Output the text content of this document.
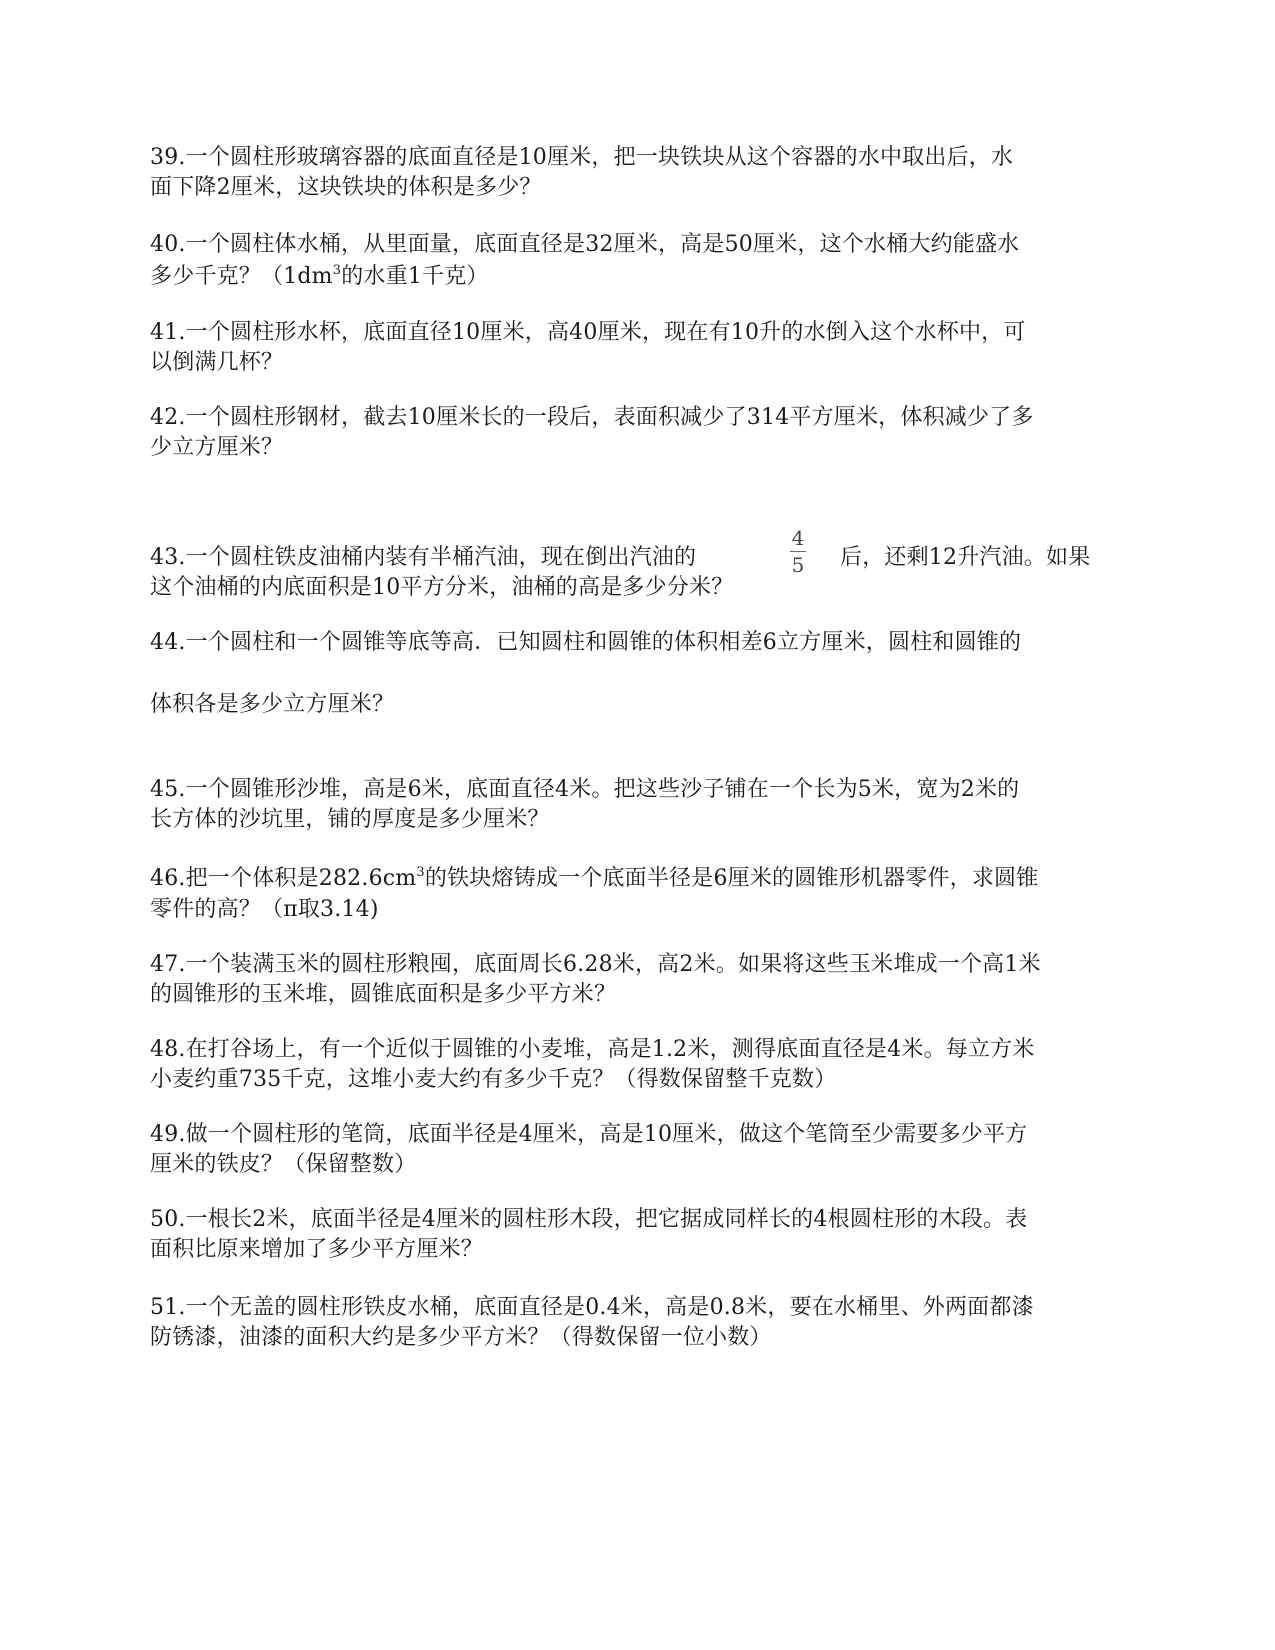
39.一个圆柱形玻璃容器的底面直径是10厘米，把一块铁块从这个容器的水中取出后，水
面下降2厘米，这块铁块的体积是多少？
40.一个圆柱体水桶，从里面量，底面直径是32厘米，高是50厘米，这个水桶大约能盛水
多少千克？（$1dm^3$的水重1千克）
41.一个圆柱形水杯，底面直径10厘米，高40厘米，现在有10升的水倒入这个水杯中，可
以倒满几杯？
42.一个圆柱形钢材，截去10厘米长的一段后，表面积减少了314平方厘米，体积减少了多
少立方厘米？
4
5
43.一个圆柱铁皮油桶内装有半桶汽油，现在倒出汽油的	后，还剩12升汽油。如果
这个油桶的内底面积是10平方分米，油桶的高是多少分米？
44.一个圆柱和一个圆锥等底等高．已知圆柱和圆锥的体积相差6立方厘米，圆柱和圆锥的
体积各是多少立方厘米？
45.一个圆锥形沙堆，高是6米，底面直径4米。把这些沙子铺在一个长为5米，宽为2米的
长方体的沙坑里，铺的厚度是多少厘米？
46.把一个体积是$282.6cm^3$的铁块熔铸成一个底面半径是6厘米的圆锥形机器零件，求圆锥
零件的高？（π取3.14)
47.一个装满玉米的圆柱形粮囤，底面周长6.28米，高2米。如果将这些玉米堆成一个高1米
的圆锥形的玉米堆，圆锥底面积是多少平方米？
48.在打谷场上，有一个近似于圆锥的小麦堆，高是1.2米，测得底面直径是4米。每立方米
小麦约重735千克，这堆小麦大约有多少千克？（得数保留整千克数）
49.做一个圆柱形的笔筒，底面半径是4厘米，高是10厘米，做这个笔筒至少需要多少平方
厘米的铁皮？（保留整数）
50.一根长2米，底面半径是4厘米的圆柱形木段，把它据成同样长的4根圆柱形的木段。表
面积比原来增加了多少平方厘米？
51.一个无盖的圆柱形铁皮水桶，底面直径是0.4米，高是0.8米，要在水桶里、外两面都漆
防锈漆，油漆的面积大约是多少平方米？（得数保留一位小数）
